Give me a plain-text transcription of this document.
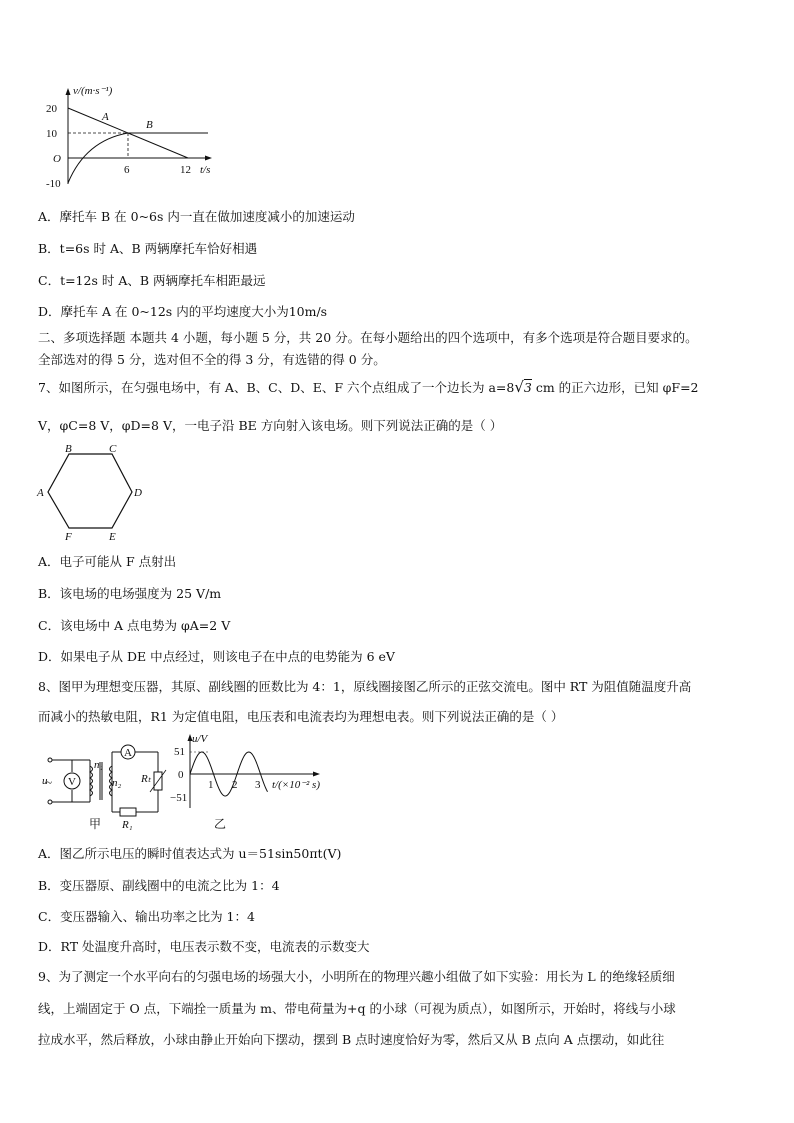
v/(m·s⁻¹)
20
10
O
-10
6	12 t/s
A
B
A．摩托车 B 在 0~6s 内一直在做加速度减小的加速运动
B．t=6s 时 A、B 两辆摩托车恰好相遇
C．t=12s 时 A、B 两辆摩托车相距最远
D．摩托车 A 在 0~12s 内的平均速度大小为10m/s
二、多项选择题 本题共 4 小题，每小题 5 分，共 20 分。在每小题给出的四个选项中，有多个选项是符合题目要求的。
全部选对的得 5 分，选对但不全的得 3 分，有选错的得 0 分。
7、如图所示，在匀强电场中，有 A、B、C、D、E、F 六个点组成了一个边长为 a=8√3 cm 的正六边形，已知 φF=2
V，φC=8 V，φD=8 V，一电子沿 BE 方向射入该电场。则下列说法正确的是（ ）
B	C
A	D
F	E
A．电子可能从 F 点射出
B．该电场的电场强度为 25 V/m
C．该电场中 A 点电势为 φA=2 V
D．如果电子从 DE 中点经过，则该电子在中点的电势能为 6 eV
8、图甲为理想变压器，其原、副线圈的匝数比为 4：1，原线圈接图乙所示的正弦交流电。图中 RT 为阻值随温度升高
而减小的热敏电阻，R1 为定值电阻，电压表和电流表均为理想电表。则下列说法正确的是（ ）
u
~ V
n₁
n₂
A
R₁
Rₜ
甲
u/V
51
0
−51
1 2 3 t/(×10⁻² s)
乙
A．图乙所示电压的瞬时值表达式为 u＝51sin50πt(V)
B．变压器原、副线圈中的电流之比为 1：4
C．变压器输入、输出功率之比为 1：4
D．RT 处温度升高时，电压表示数不变，电流表的示数变大
9、为了测定一个水平向右的匀强电场的场强大小，小明所在的物理兴趣小组做了如下实验：用长为 L 的绝缘轻质细
线，上端固定于 O 点，下端拴一质量为 m、带电荷量为+q 的小球（可视为质点），如图所示，开始时，将线与小球
拉成水平，然后释放，小球由静止开始向下摆动，摆到 B 点时速度恰好为零，然后又从 B 点向 A 点摆动，如此往
